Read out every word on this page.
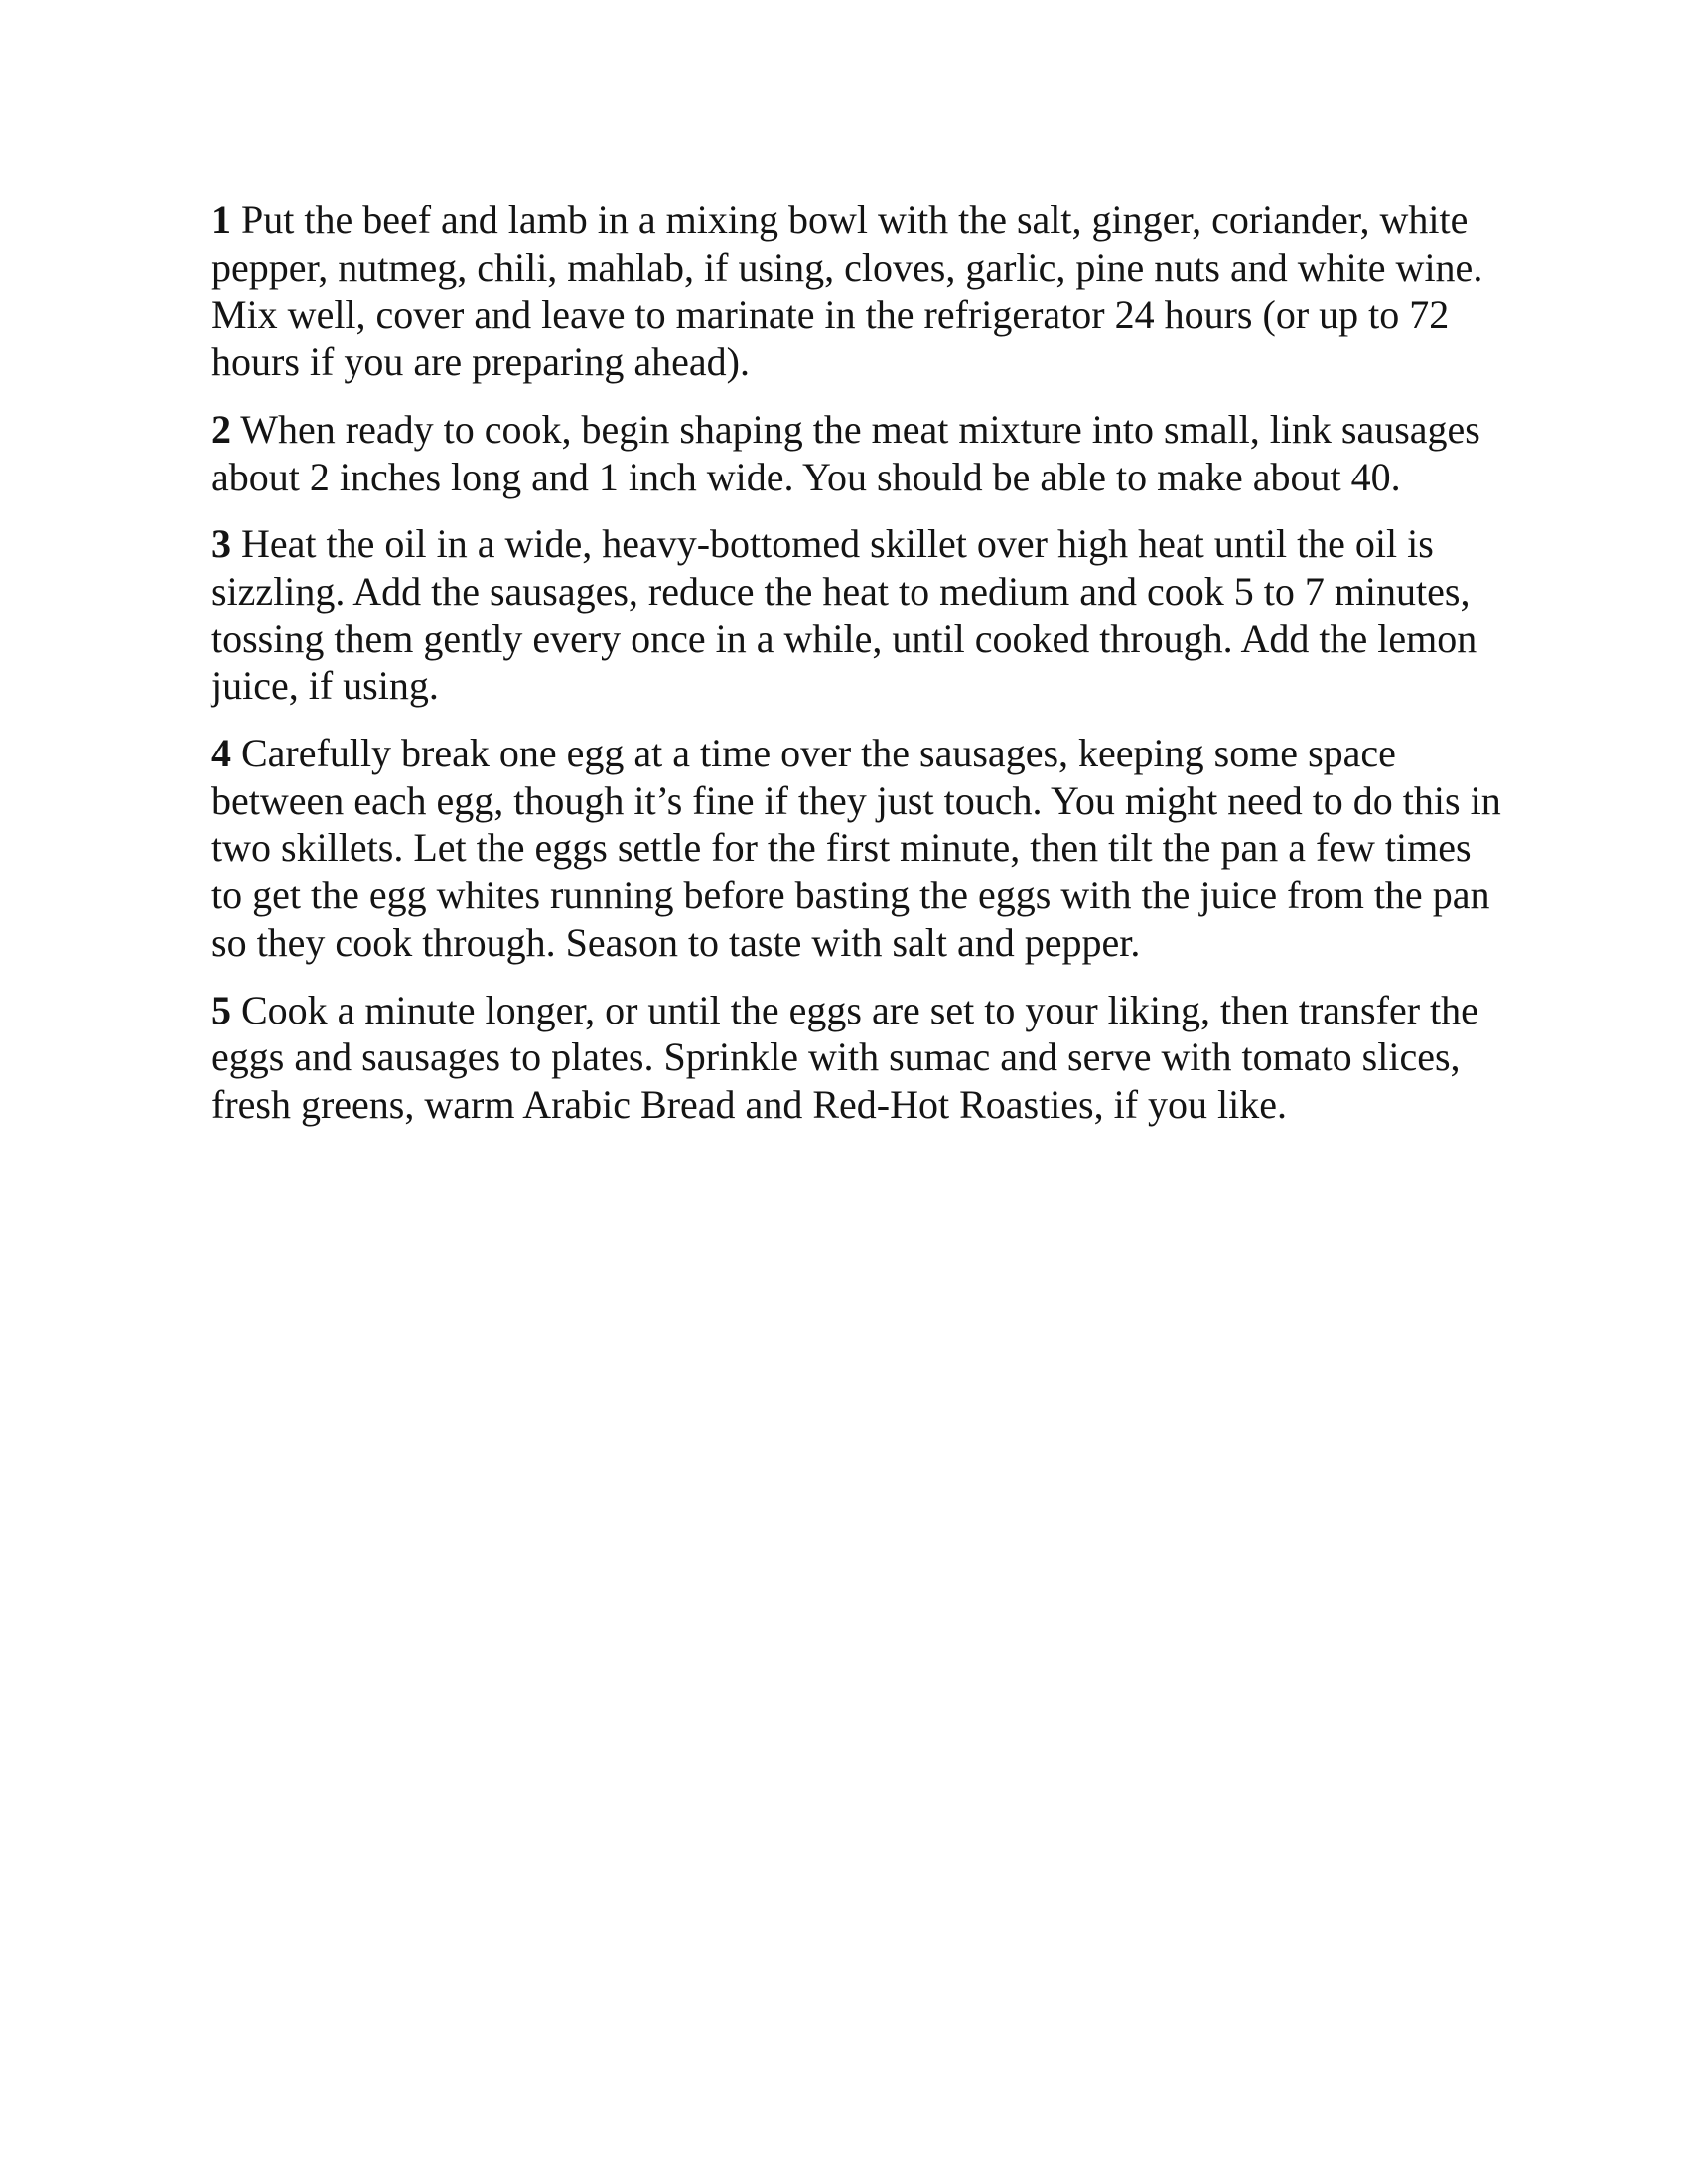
1 Put the beef and lamb in a mixing bowl with the salt, ginger, coriander, white pepper, nutmeg, chili, mahlab, if using, cloves, garlic, pine nuts and white wine. Mix well, cover and leave to marinate in the refrigerator 24 hours (or up to 72 hours if you are preparing ahead).

2 When ready to cook, begin shaping the meat mixture into small, link sausages about 2 inches long and 1 inch wide. You should be able to make about 40.

3 Heat the oil in a wide, heavy-bottomed skillet over high heat until the oil is sizzling. Add the sausages, reduce the heat to medium and cook 5 to 7 minutes, tossing them gently every once in a while, until cooked through. Add the lemon juice, if using.

4 Carefully break one egg at a time over the sausages, keeping some space between each egg, though it’s fine if they just touch. You might need to do this in two skillets. Let the eggs settle for the first minute, then tilt the pan a few times to get the egg whites running before basting the eggs with the juice from the pan so they cook through. Season to taste with salt and pepper.

5 Cook a minute longer, or until the eggs are set to your liking, then transfer the eggs and sausages to plates. Sprinkle with sumac and serve with tomato slices, fresh greens, warm Arabic Bread and Red-Hot Roasties, if you like.
